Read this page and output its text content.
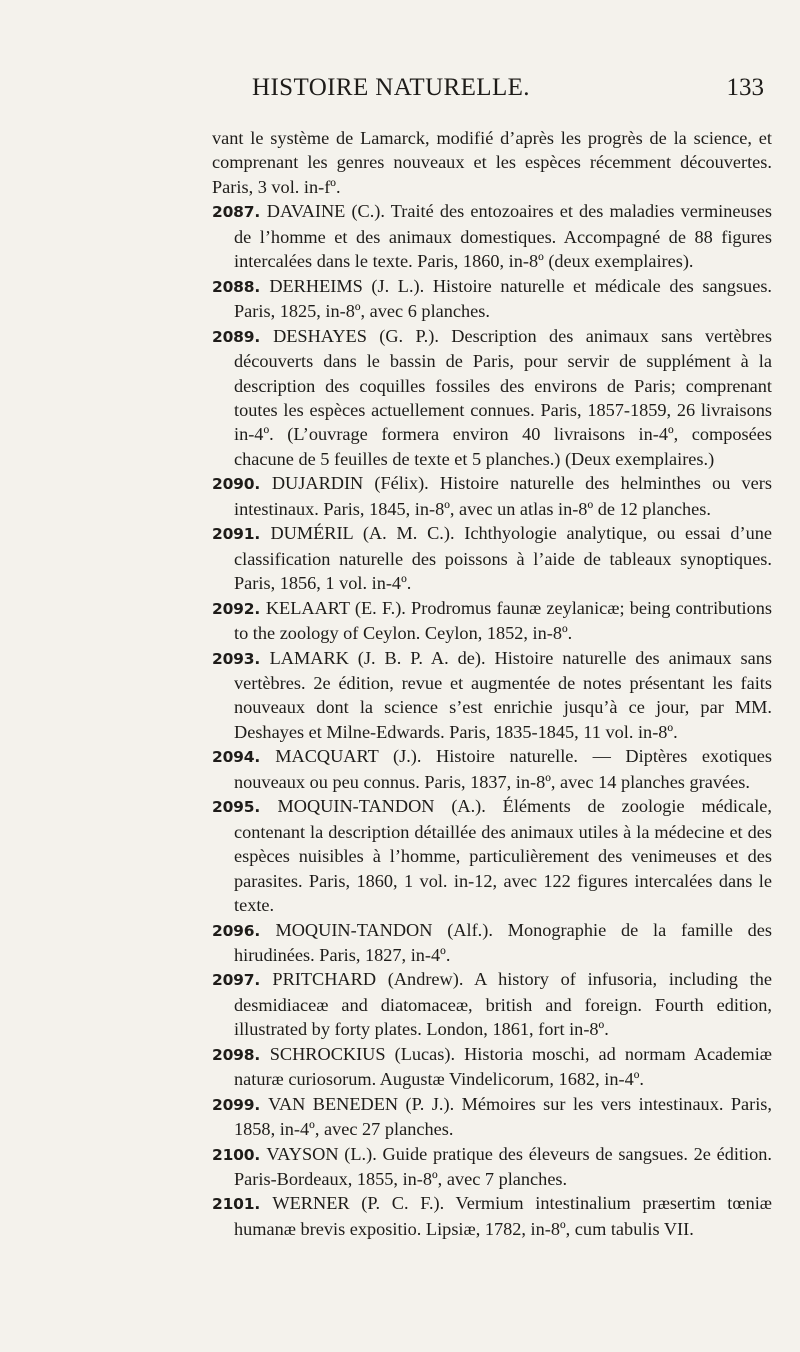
HISTOIRE NATURELLE.	133

vant le système de Lamarck, modifié d’après les progrès de la science, et comprenant les genres nouveaux et les espèces récemment découvertes. Paris, 3 vol. in-fº.

2087 . DAVAINE (C.). Traité des entozoaires et des maladies vermineuses de l’homme et des animaux domestiques. Accompagné de 88 figures intercalées dans le texte. Paris, 1860, in-8º (deux exemplaires).

2088 . DERHEIMS (J. L.). Histoire naturelle et médicale des sangsues. Paris, 1825, in-8º, avec 6 planches.

2089 . DESHAYES (G. P.). Description des animaux sans vertèbres découverts dans le bassin de Paris, pour servir de supplément à la description des coquilles fossiles des environs de Paris; comprenant toutes les espèces actuellement connues. Paris, 1857-1859, 26 livraisons in-4º. (L’ouvrage formera environ 40 livraisons in-4º, composées chacune de 5 feuilles de texte et 5 planches.) (Deux exemplaires.)

2090 . DUJARDIN (Félix). Histoire naturelle des helminthes ou vers intestinaux. Paris, 1845, in-8º, avec un atlas in-8º de 12 planches.

2091 . DUMÉRIL (A. M. C.). Ichthyologie analytique, ou essai d’une classification naturelle des poissons à l’aide de tableaux synoptiques. Paris, 1856, 1 vol. in-4º.

2092 . KELAART (E. F.). Prodromus faunæ zeylanicæ; being contributions to the zoology of Ceylon. Ceylon, 1852, in-8º.

2093 . LAMARK (J. B. P. A. de). Histoire naturelle des animaux sans vertèbres. 2e édition, revue et augmentée de notes présentant les faits nouveaux dont la science s’est enrichie jusqu’à ce jour, par MM. Deshayes et Milne-Edwards. Paris, 1835-1845, 11 vol. in-8º.

2094 . MACQUART (J.). Histoire naturelle. — Diptères exotiques nouveaux ou peu connus. Paris, 1837, in-8º, avec 14 planches gravées.

2095 . MOQUIN-TANDON (A.). Éléments de zoologie médicale, contenant la description détaillée des animaux utiles à la médecine et des espèces nuisibles à l’homme, particulièrement des venimeuses et des parasites. Paris, 1860, 1 vol. in-12, avec 122 figures intercalées dans le texte.

2096 . MOQUIN-TANDON (Alf.). Monographie de la famille des hirudinées. Paris, 1827, in-4º.

2097 . PRITCHARD (Andrew). A history of infusoria, including the desmidiaceæ and diatomaceæ, british and foreign. Fourth edition, illustrated by forty plates. London, 1861, fort in-8º.

2098 . SCHROCKIUS (Lucas). Historia moschi, ad normam Academiæ naturæ curiosorum. Augustæ Vindelicorum, 1682, in-4º.

2099 . VAN BENEDEN (P. J.). Mémoires sur les vers intestinaux. Paris, 1858, in-4º, avec 27 planches.

2100 . VAYSON (L.). Guide pratique des éleveurs de sangsues. 2e édition. Paris-Bordeaux, 1855, in-8º, avec 7 planches.

2101 . WERNER (P. C. F.). Vermium intestinalium præsertim tœniæ humanæ brevis expositio. Lipsiæ, 1782, in-8º, cum tabulis VII.
